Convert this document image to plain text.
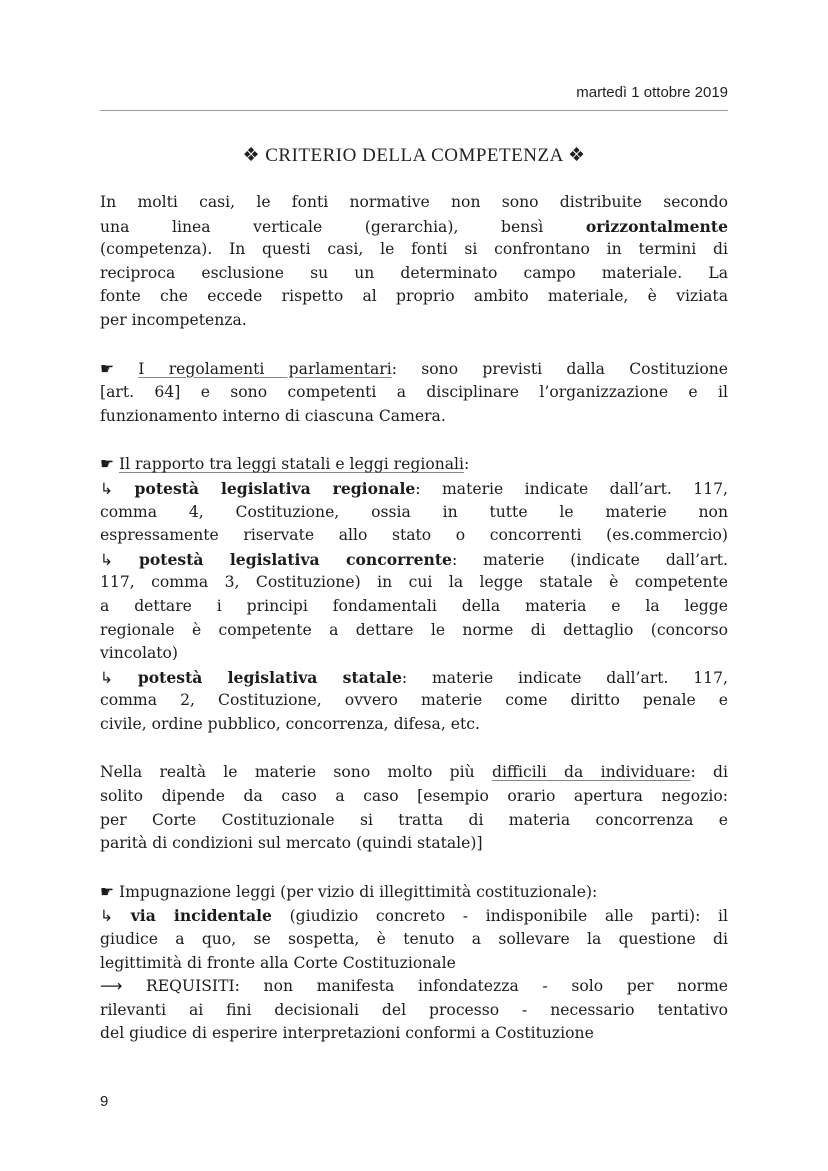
martedì 1 ottobre 2019
❖ CRITERIO DELLA COMPETENZA ❖
In molti casi, le fonti normative non sono distribuite secondo
una linea verticale (gerarchia), bensì orizzontalmente
(competenza). In questi casi, le fonti si confrontano in termini di
reciproca esclusione su un determinato campo materiale. La
fonte che eccede rispetto al proprio ambito materiale, è viziata
per incompetenza.
☛ I regolamenti parlamentari: sono previsti dalla Costituzione
[art. 64] e sono competenti a disciplinare l’organizzazione e il
funzionamento interno di ciascuna Camera.
☛ Il rapporto tra leggi statali e leggi regionali:
↳ potestà legislativa regionale: materie indicate dall’art. 117,
comma 4, Costituzione, ossia in tutte le materie non
espressamente riservate allo stato o concorrenti (es.commercio)
↳ potestà legislativa concorrente: materie (indicate dall’art.
117, comma 3, Costituzione) in cui la legge statale è competente
a dettare i principi fondamentali della materia e la legge
regionale è competente a dettare le norme di dettaglio (concorso
vincolato)
↳ potestà legislativa statale: materie indicate dall’art. 117,
comma 2, Costituzione, ovvero materie come diritto penale e
civile, ordine pubblico, concorrenza, difesa, etc.
Nella realtà le materie sono molto più difficili da individuare: di
solito dipende da caso a caso [esempio orario apertura negozio:
per Corte Costituzionale si tratta di materia concorrenza e
parità di condizioni sul mercato (quindi statale)]
☛ Impugnazione leggi (per vizio di illegittimità costituzionale):
↳ via incidentale (giudizio concreto - indisponibile alle parti): il
giudice a quo, se sospetta, è tenuto a sollevare la questione di
legittimità di fronte alla Corte Costituzionale
⟶ REQUISITI: non manifesta infondatezza - solo per norme
rilevanti ai fini decisionali del processo - necessario tentativo
del giudice di esperire interpretazioni conformi a Costituzione
9
